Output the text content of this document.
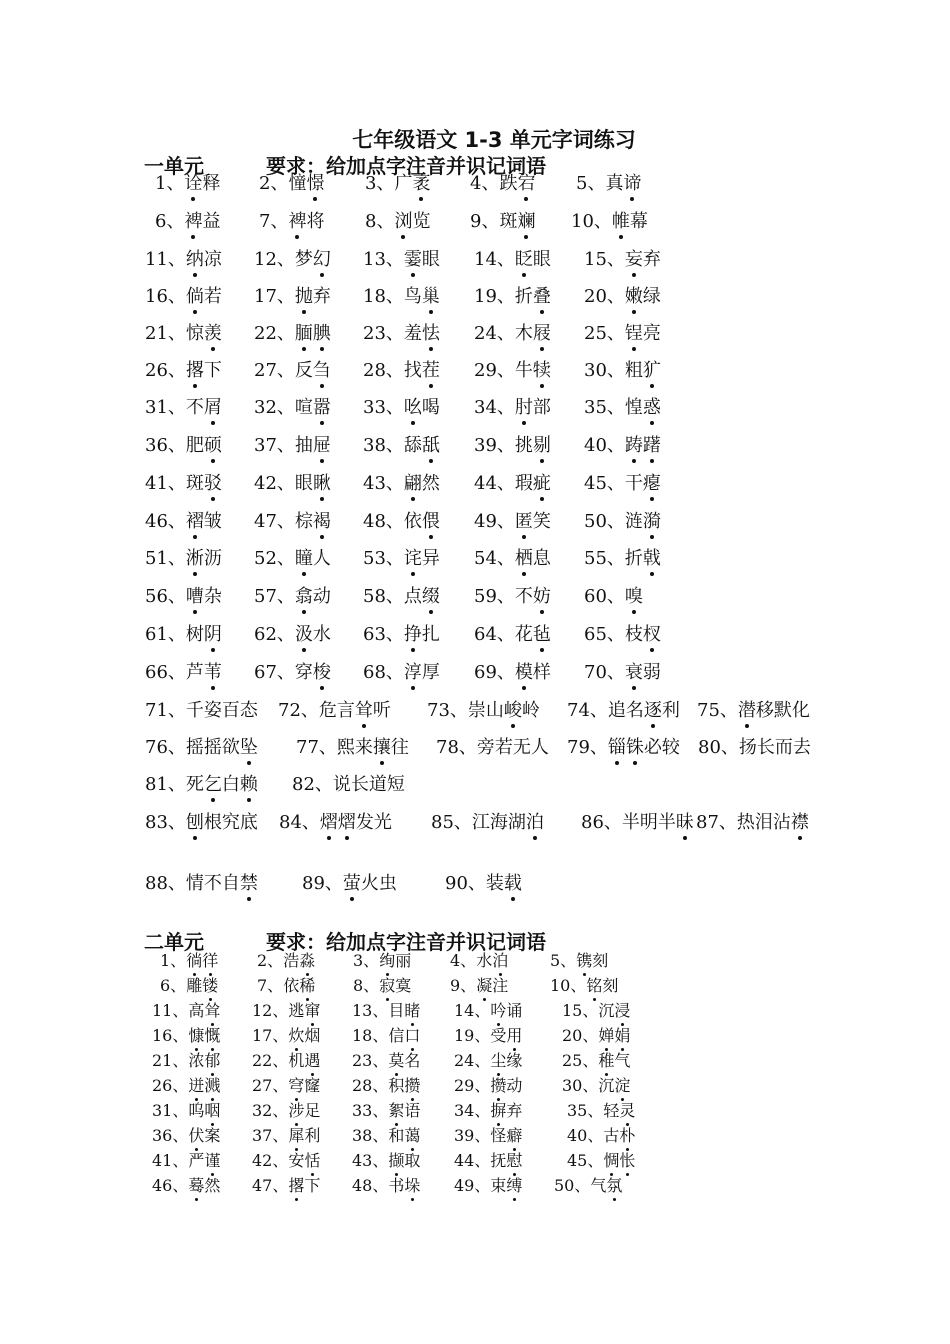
七年级语文 1-3 单元字词练习
一单元	要求：给加点字注音并识记词语
1、诠释 2、憧憬 3、广袤 4、跌宕 5、真谛
6、裨益 7、裨将 8、浏览 9、斑斓 10、帷幕
11、纳凉 12、梦幻 13、霎眼 14、眨眼 15、妄弃
16、倘若 17、抛弃 18、鸟巢 19、折叠 20、嫩绿
21、惊羡 22、腼腆 23、羞怯 24、木屐 25、锃亮
26、撂下 27、反刍 28、找茬 29、牛犊 30、粗犷
31、不屑 32、喧嚣 33、吆喝 34、肘部 35、惶惑
36、肥硕 37、抽屉 38、舔舐 39、挑剔 40、踌躇
41、斑驳 42、眼瞅 43、翩然 44、瑕疵 45、干瘪
46、褶皱 47、棕褐 48、依偎 49、匿笑 50、涟漪
51、淅沥 52、瞳人 53、诧异 54、栖息 55、折戟
56、嘈杂 57、翕动 58、点缀 59、不妨 60、嗅
61、树阴 62、汲水 63、挣扎 64、花毡 65、枝杈
66、芦苇 67、穿梭 68、淳厚 69、模样 70、衰弱
71、千姿百态 72、危言耸听 73、崇山峻岭 74、追名逐利 75、潜移默化
76、摇摇欲坠 77、熙来攘往 78、旁若无人 79、锱铢必较 80、扬长而去
81、死乞白赖 82、说长道短
83、刨根究底 84、熠熠发光 85、江海湖泊 86、半明半昧 87、热泪沾襟
88、情不自禁 89、萤火虫	90、装载
二单元	要求：给加点字注音并识记词语
1、徜徉 2、浩淼 3、绚丽 4、水泊	5、镌刻
6、雕镂 7、依稀 8、寂寞 9、凝注	10、铭刻
11、高耸 12、逃窜 13、目睹 14、吟诵 15、沉浸
16、慷慨 17、炊烟 18、信口 19、受用 20、婵娟
21、浓郁 22、机遇 23、莫名 24、尘缘 25、稚气
26、迸溅 27、穹窿 28、积攒 29、攒动 30、沉淀
31、呜咽 32、涉足 33、絮语 34、摒弃	35、轻灵
36、伏案 37、犀利 38、和蔼 39、怪癖	40、古朴
41、严谨 42、安恬 43、撷取 44、抚慰	45、惆怅
46、蓦然 47、撂下 48、书垛 49、束缚 50、气氛
